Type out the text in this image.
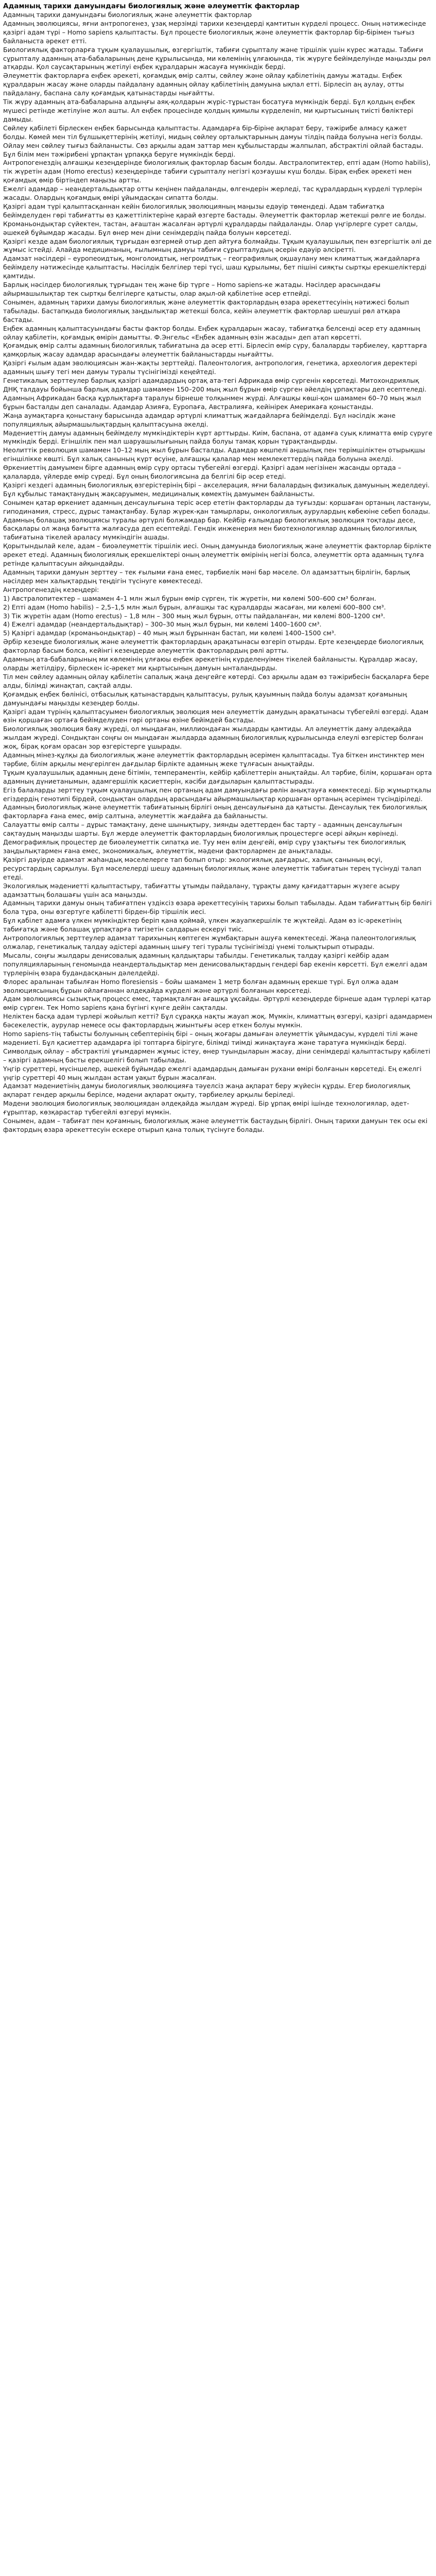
Адамның тарихи дамуындағы биологиялық және әлеуметтік факторлар

Адамның тарихи дамуындағы биологиялық және әлеуметтік факторлар

Адамның эволюциясы, яғни антропогенез, ұзақ мерзімді тарихи кезеңдерді қамтитын күрделі процесс. Оның нәтижесінде қазіргі адам түрі – Homo sapiens қалыптасты. Бұл процесте биологиялық және әлеуметтік факторлар бір-бірімен тығыз байланыста әрекет етті.

Биологиялық факторларға тұқым қуалаушылық, өзгергіштік, табиғи сұрыпталу және тіршілік үшін күрес жатады. Табиғи сұрыпталу адамның ата-бабаларының дене құрылысында, ми көлемінің ұлғаюында, тік жүруге бейімделуінде маңызды рөл атқарды. Қол саусақтарының жетілуі еңбек құралдарын жасауға мүмкіндік берді.

Әлеуметтік факторларға еңбек әрекеті, қоғамдық өмір салты, сөйлеу және ойлау қабілетінің дамуы жатады. Еңбек құралдарын жасау және оларды пайдалану адамның ойлау қабілетінің дамуына ықпал етті. Бірлесіп аң аулау, отты пайдалану, баспана салу қоғамдық қатынастарды нығайтты.

Тік жүру адамның ата-бабаларына алдыңғы аяқ-қолдарын жүріс-тұрыстан босатуға мүмкіндік берді. Бұл қолдың еңбек мүшесі ретінде жетілуіне жол ашты. Ал еңбек процесінде қолдың қимылы күрделеніп, ми қыртысының тиісті бөліктері дамыды.

Сөйлеу қабілеті бірлескен еңбек барысында қалыптасты. Адамдарға бір-біріне ақпарат беру, тәжірибе алмасу қажет болды. Көмей мен тіл бұлшықеттерінің жетілуі, мидың сөйлеу орталықтарының дамуы тілдің пайда болуына негіз болды.

Ойлау мен сөйлеу тығыз байланысты. Сөз арқылы адам заттар мен құбылыстарды жалпылап, абстрактілі ойлай бастады. Бұл білім мен тәжірибені ұрпақтан ұрпаққа беруге мүмкіндік берді.

Антропогенездің алғашқы кезеңдерінде биологиялық факторлар басым болды. Австралопитектер, епті адам (Homo habilis), тік жүретін адам (Homo erectus) кезеңдерінде табиғи сұрыпталу негізгі қозғаушы күш болды. Бірақ еңбек әрекеті мен қоғамдық өмір біртіндеп маңызы артты.

Ежелгі адамдар – неандертальдықтар отты кеңінен пайдаланды, өлгендерін жерледі, тас құралдардың күрделі түрлерін жасады. Олардың қоғамдық өмірі ұйымдасқан сипатта болды.

Қазіргі адам түрі қалыптасқаннан кейін биологиялық эволюцияның маңызы едәуір төмендеді. Адам табиғатқа бейімделуден гөрі табиғатты өз қажеттіліктеріне қарай өзгерте бастады. Әлеуметтік факторлар жетекші рөлге ие болды.

Кроманьондықтар сүйектен, тастан, ағаштан жасалған әртүрлі құралдарды пайдаланды. Олар үңгірлерге сурет салды, әшекей бұйымдар жасады. Бұл өнер мен діни сенімдердің пайда болуын көрсетеді.

Қазіргі кезде адам биологиялық тұрғыдан өзгермей отыр деп айтуға болмайды. Тұқым қуалаушылық пен өзгергіштік әлі де жұмыс істейді. Алайда медицинаның, ғылымның дамуы табиғи сұрыпталудың әсерін едәуір әлсіретті.

Адамзат нәсілдері – еуропеоидтық, монголоидтық, негроидтық – географиялық оқшаулану мен климаттық жағдайларға бейімделу нәтижесінде қалыптасты. Нәсілдік белгілер тері түсі, шаш құрылымы, бет пішіні сияқты сыртқы ерекшеліктерді қамтиды.

Барлық нәсілдер биологиялық тұрғыдан тең және бір түрге – Homo sapiens-ке жатады. Нәсілдер арасындағы айырмашылықтар тек сыртқы белгілерге қатысты, олар ақыл-ой қабілетіне әсер етпейді.

Сонымен, адамның тарихи дамуы биологиялық және әлеуметтік факторлардың өзара әрекеттесуінің нәтижесі болып табылады. Бастапқыда биологиялық заңдылықтар жетекші болса, кейін әлеуметтік факторлар шешуші рөл атқара бастады.

Еңбек адамның қалыптасуындағы басты фактор болды. Еңбек құралдарын жасау, табиғатқа белсенді әсер ету адамның ойлау қабілетін, қоғамдық өмірін дамытты. Ф.Энгельс «Еңбек адамның өзін жасады» деп атап көрсетті.

Қоғамдық өмір салты адамның биологиялық табиғатына да әсер етті. Бірлесіп өмір сүру, балаларды тәрбиелеу, қарттарға қамқорлық жасау адамдар арасындағы әлеуметтік байланыстарды нығайтты.

Қазіргі ғылым адам эволюциясын жан-жақты зерттейді. Палеонтология, антропология, генетика, археология деректері адамның шығу тегі мен дамуы туралы түсінігімізді кеңейтеді.

Генетикалық зерттеулер барлық қазіргі адамдардың ортақ ата-тегі Африкада өмір сүргенін көрсетеді. Митохондриялық ДНҚ талдауы бойынша барлық адамдар шамамен 150–200 мың жыл бұрын өмір сүрген әйелдің ұрпақтары деп есептеледі.

Адамның Африкадан басқа құрлықтарға таралуы бірнеше толқынмен жүрді. Алғашқы көші-қон шамамен 60–70 мың жыл бұрын басталды деп саналады. Адамдар Азияға, Еуропаға, Австралияға, кейінірек Америкаға қоныстанды.

Жаңа аумақтарға қоныстану барысында адамдар әртүрлі климаттық жағдайларға бейімделді. Бұл нәсілдік және популяциялық айырмашылықтардың қалыптасуына әкелді.

Мәдениеттің дамуы адамның бейімделу мүмкіндіктерін күрт арттырды. Киім, баспана, от адамға суық климатта өмір сүруге мүмкіндік берді. Егіншілік пен мал шаруашылығының пайда болуы тамақ қорын тұрақтандырды.

Неолиттік революция шамамен 10–12 мың жыл бұрын басталды. Адамдар көшпелі аңшылық пен терімшіліктен отырықшы егіншілікке көшті. Бұл халық санының күрт өсуіне, алғашқы қалалар мен мемлекеттердің пайда болуына әкелді.

Өркениеттің дамуымен бірге адамның өмір сүру ортасы түбегейлі өзгерді. Қазіргі адам негізінен жасанды ортада – қалаларда, үйлерде өмір сүреді. Бұл оның биологиясына да белгілі бір әсер етеді.

Қазіргі кездегі адамның биологиялық өзгерістерінің бірі – акселерация, яғни балалардың физикалық дамуының жеделдеуі. Бұл құбылыс тамақтанудың жақсаруымен, медициналық көмектің дамуымен байланысты.

Сонымен қатар өркениет адамның денсаулығына теріс әсер ететін факторларды да туғызды: қоршаған ортаның ластануы, гиподинамия, стресс, дұрыс тамақтанбау. Бұлар жүрек-қан тамырлары, онкологиялық аурулардың көбеюіне себеп болады.

Адамның болашақ эволюциясы туралы әртүрлі болжамдар бар. Кейбір ғалымдар биологиялық эволюция тоқтады десе, басқалары ол жаңа бағытта жалғасуда деп есептейді. Гендік инженерия мен биотехнологиялар адамның биологиялық табиғатына тікелей араласу мүмкіндігін ашады.

Қорытындылай келе, адам – биоәлеуметтік тіршілік иесі. Оның дамуында биологиялық және әлеуметтік факторлар бірлікте әрекет етеді. Адамның биологиялық ерекшеліктері оның әлеуметтік өмірінің негізі болса, әлеуметтік орта адамның тұлға ретінде қалыптасуын айқындайды.

Адамның тарихи дамуын зерттеу – тек ғылыми ғана емес, тәрбиелік мәні бар мәселе. Ол адамзаттың бірлігін, барлық нәсілдер мен халықтардың теңдігін түсінуге көмектеседі.

Антропогенездің кезеңдері:

1) Австралопитектер – шамамен 4–1 млн жыл бұрын өмір сүрген, тік жүретін, ми көлемі 500–600 см³ болған.

2) Епті адам (Homo habilis) – 2,5–1,5 млн жыл бұрын, алғашқы тас құралдарды жасаған, ми көлемі 600–800 см³.

3) Тік жүретін адам (Homo erectus) – 1,8 млн – 300 мың жыл бұрын, отты пайдаланған, ми көлемі 800–1200 см³.

4) Ежелгі адамдар (неандертальдықтар) – 300–30 мың жыл бұрын, ми көлемі 1400–1600 см³.

5) Қазіргі адамдар (кроманьондықтар) – 40 мың жыл бұрыннан бастап, ми көлемі 1400–1500 см³.

Әрбір кезеңде биологиялық және әлеуметтік факторлардың арақатынасы өзгеріп отырды. Ерте кезеңдерде биологиялық факторлар басым болса, кейінгі кезеңдерде әлеуметтік факторлардың рөлі артты.

Адамның ата-бабаларының ми көлемінің ұлғаюы еңбек әрекетінің күрделенуімен тікелей байланысты. Құралдар жасау, оларды жетілдіру, бірлескен іс-әрекет ми қыртысының дамуын ынталандырды.

Тіл мен сөйлеу адамның ойлау қабілетін сапалық жаңа деңгейге көтерді. Сөз арқылы адам өз тәжірибесін басқаларға бере алды, білімді жинақтап, сақтай алды.

Қоғамдық еңбек бөлінісі, отбасылық қатынастардың қалыптасуы, рулық қауымның пайда болуы адамзат қоғамының дамуындағы маңызды кезеңдер болды.

Қазіргі адам түрінің қалыптасуымен биологиялық эволюция мен әлеуметтік дамудың арақатынасы түбегейлі өзгерді. Адам өзін қоршаған ортаға бейімделуден гөрі ортаны өзіне бейімдей бастады.

Биологиялық эволюция баяу жүреді, ол мыңдаған, миллиондаған жылдарды қамтиды. Ал әлеуметтік даму әлдеқайда жылдам жүреді. Сондықтан соңғы он мыңдаған жылдарда адамның биологиялық құрылысында елеулі өзгерістер болған жоқ, бірақ қоғам орасан зор өзгерістерге ұшырады.

Адамның мінез-құлқы да биологиялық және әлеуметтік факторлардың әсерімен қалыптасады. Туа біткен инстинктер мен тәрбие, білім арқылы меңгерілген дағдылар бірлікте адамның жеке тұлғасын анықтайды.

Тұқым қуалаушылық адамның дене бітімін, темпераментін, кейбір қабілеттерін анықтайды. Ал тәрбие, білім, қоршаған орта адамның дүниетанымын, адамгершілік қасиеттерін, кәсіби дағдыларын қалыптастырады.

Егіз балаларды зерттеу тұқым қуалаушылық пен ортаның адам дамуындағы рөлін анықтауға көмектеседі. Бір жұмыртқалы егіздердің генотипі бірдей, сондықтан олардың арасындағы айырмашылықтар қоршаған ортаның әсерімен түсіндіріледі.

Адамның биологиялық және әлеуметтік табиғатының бірлігі оның денсаулығына да қатысты. Денсаулық тек биологиялық факторларға ғана емес, өмір салтына, әлеуметтік жағдайға да байланысты.

Салауатты өмір салты – дұрыс тамақтану, дене шынықтыру, зиянды әдеттерден бас тарту – адамның денсаулығын сақтаудың маңызды шарты. Бұл жерде әлеуметтік факторлардың биологиялық процестерге әсері айқын көрінеді.

Демографиялық процестер де биоәлеуметтік сипатқа ие. Туу мен өлім деңгейі, өмір сүру ұзақтығы тек биологиялық заңдылықтармен ғана емес, экономикалық, әлеуметтік, мәдени факторлармен де анықталады.

Қазіргі дәуірде адамзат жаһандық мәселелерге тап болып отыр: экологиялық дағдарыс, халық санының өсуі, ресурстардың сарқылуы. Бұл мәселелерді шешу адамның биологиялық және әлеуметтік табиғатын терең түсінуді талап етеді.

Экологиялық мәдениетті қалыптастыру, табиғатты ұтымды пайдалану, тұрақты даму қағидаттарын жүзеге асыру адамзаттың болашағы үшін аса маңызды.

Адамның тарихи дамуы оның табиғатпен үздіксіз өзара әрекеттесуінің тарихы болып табылады. Адам табиғаттың бір бөлігі бола тұра, оны өзгертуге қабілетті бірден-бір тіршілік иесі.

Бұл қабілет адамға үлкен мүмкіндіктер беріп қана қоймай, үлкен жауапкершілік те жүктейді. Адам өз іс-әрекетінің табиғатқа және болашақ ұрпақтарға тигізетін салдарын ескеруі тиіс.

Антропологиялық зерттеулер адамзат тарихының көптеген жұмбақтарын ашуға көмектеседі. Жаңа палеонтологиялық олжалар, генетикалық талдау әдістері адамның шығу тегі туралы түсінігімізді үнемі толықтырып отырады.

Мысалы, соңғы жылдары денисовалық адамның қалдықтары табылды. Генетикалық талдау қазіргі кейбір адам популяцияларының геномында неандертальдықтар мен денисовалықтардың гендері бар екенін көрсетті. Бұл ежелгі адам түрлерінің өзара будандасқанын дәлелдейді.

Флорес аралынан табылған Homo floresiensis – бойы шамамен 1 метр болған адамның ерекше түрі. Бұл олжа адам эволюциясының бұрын ойлағаннан әлдеқайда күрделі және әртүрлі болғанын көрсетеді.

Адам эволюциясы сызықтық процесс емес, тармақталған ағашқа ұқсайды. Әртүрлі кезеңдерде бірнеше адам түрлері қатар өмір сүрген. Тек Homo sapiens қана бүгінгі күнге дейін сақталды.

Неліктен басқа адам түрлері жойылып кетті? Бұл сұраққа нақты жауап жоқ. Мүмкін, климаттың өзгеруі, қазіргі адамдармен бәсекелестік, аурулар немесе осы факторлардың жиынтығы әсер еткен болуы мүмкін.

Homo sapiens-тің табысты болуының себептерінің бірі – оның жоғары дамыған әлеуметтік ұйымдасуы, күрделі тілі және мәдениеті. Бұл қасиеттер адамдарға ірі топтарға бірігуге, білімді тиімді жинақтауға және таратуға мүмкіндік берді.

Символдық ойлау – абстрактілі ұғымдармен жұмыс істеу, өнер туындыларын жасау, діни сенімдерді қалыптастыру қабілеті – қазіргі адамның басты ерекшелігі болып табылады.

Үңгір суреттері, мүсіншелер, әшекей бұйымдар ежелгі адамдардың дамыған рухани өмірі болғанын көрсетеді. Ең ежелгі үңгір суреттері 40 мың жылдан астам уақыт бұрын жасалған.

Адамзат мәдениетінің дамуы биологиялық эволюцияға тәуелсіз жаңа ақпарат беру жүйесін құрды. Егер биологиялық ақпарат гендер арқылы берілсе, мәдени ақпарат оқыту, тәрбиелеу арқылы беріледі.

Мәдени эволюция биологиялық эволюциядан әлдеқайда жылдам жүреді. Бір ұрпақ өмірі ішінде технологиялар, әдет-ғұрыптар, көзқарастар түбегейлі өзгеруі мүмкін.

Сонымен, адам – табиғат пен қоғамның, биологиялық және әлеуметтік бастаудың бірлігі. Оның тарихи дамуын тек осы екі фактордың өзара әрекеттесуін ескере отырып қана толық түсінуге болады.
